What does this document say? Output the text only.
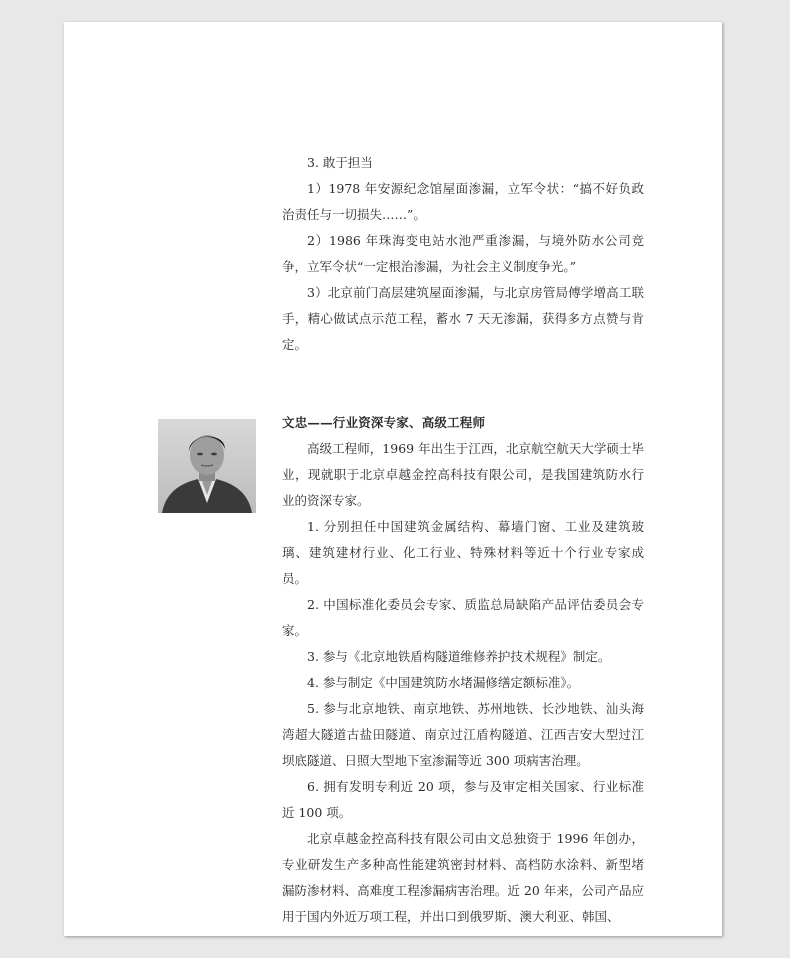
3. 敢于担当

1）1978 年安源纪念馆屋面渗漏，立军令状：“搞不好负政治责任与一切损失……”。

2）1986 年珠海变电站水池严重渗漏，与境外防水公司竞争，立军令状“一定根治渗漏，为社会主义制度争光。”

3）北京前门高层建筑屋面渗漏，与北京房管局傅学增高工联手，精心做试点示范工程，蓄水 7 天无渗漏，获得多方点赞与肯定。

文忠——行业资深专家、高级工程师

高级工程师，1969 年出生于江西，北京航空航天大学硕士毕业，现就职于北京卓越金控高科技有限公司，是我国建筑防水行业的资深专家。

1. 分别担任中国建筑金属结构、幕墙门窗、工业及建筑玻璃、建筑建材行业、化工行业、特殊材料等近十个行业专家成员。

2. 中国标准化委员会专家、质监总局缺陷产品评估委员会专家。

3. 参与《北京地铁盾构隧道维修养护技术规程》制定。

4. 参与制定《中国建筑防水堵漏修缮定额标准》。

5. 参与北京地铁、南京地铁、苏州地铁、长沙地铁、汕头海湾超大隧道古盐田隧道、南京过江盾构隧道、江西吉安大型过江坝底隧道、日照大型地下室渗漏等近 300 项病害治理。

6. 拥有发明专利近 20 项，参与及审定相关国家、行业标准近 100 项。

北京卓越金控高科技有限公司由文总独资于 1996 年创办，专业研发生产多种高性能建筑密封材料、高档防水涂料、新型堵漏防渗材料、高难度工程渗漏病害治理。近 20 年来，公司产品应用于国内外近万项工程，并出口到俄罗斯、澳大利亚、韩国、
